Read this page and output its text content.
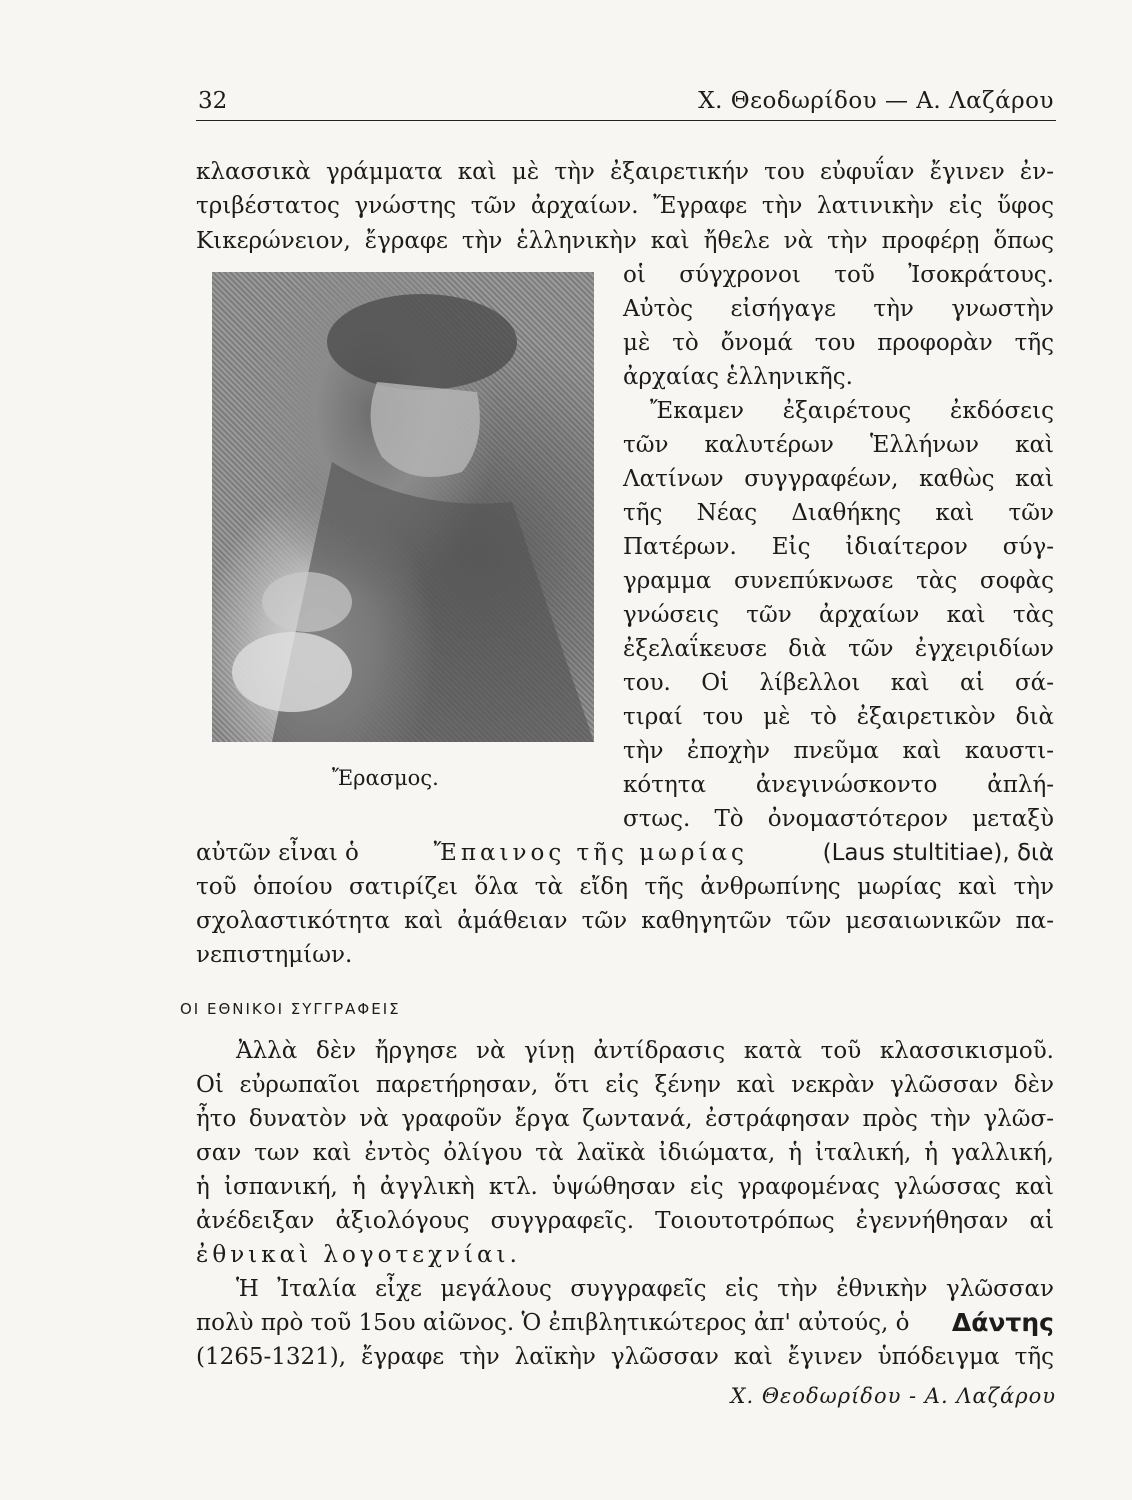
32	Χ. Θεοδωρίδου — Α. Λαζάρου
κλασσικὰ γράμματα καὶ μὲ τὴν ἐξαιρετικήν του εὐφυΐαν ἔγινεν ἐν-
τριβέστατος γνώστης τῶν ἀρχαίων. Ἔγραφε τὴν λατινικὴν εἰς ὕφος
Κικερώνειον, ἔγραφε τὴν ἑλληνικὴν καὶ ἤθελε νὰ τὴν προφέρῃ ὅπως
Ἔρασμος.
οἱ σύγχρονοι τοῦ Ἰσοκράτους.
Αὐτὸς εἰσήγαγε τὴν γνωστὴν
μὲ τὸ ὄνομά του προφορὰν τῆς
ἀρχαίας ἑλληνικῆς.
Ἔκαμεν ἐξαιρέτους ἐκδόσεις
τῶν καλυτέρων Ἑλλήνων καὶ
Λατίνων συγγραφέων, καθὼς καὶ
τῆς Νέας Διαθήκης καὶ τῶν
Πατέρων. Εἰς ἰδιαίτερον σύγ-
γραμμα συνεπύκνωσε τὰς σοφὰς
γνώσεις τῶν ἀρχαίων καὶ τὰς
ἐξελαΐκευσε διὰ τῶν ἐγχειριδίων
του. Οἱ λίβελλοι καὶ αἱ σά-
τιραί του μὲ τὸ ἐξαιρετικὸν διὰ
τὴν ἐποχὴν πνεῦμα καὶ καυστι-
κότητα ἀνεγινώσκοντο ἀπλή-
στως. Τὸ ὀνομαστότερον μεταξὺ
αὐτῶν εἶναι ὁ	Ἔπαινος τῆς μωρίας	(Laus stultitiae), διὰ
τοῦ ὁποίου σατιρίζει ὅλα τὰ εἴδη τῆς ἀνθρωπίνης μωρίας καὶ τὴν
σχολαστικότητα καὶ ἀμάθειαν τῶν καθηγητῶν τῶν μεσαιωνικῶν πα-
νεπιστημίων.
ΟΙ ΕΘΝΙΚΟΙ ΣΥΓΓΡΑΦΕΙΣ
Ἀλλὰ δὲν ἤργησε νὰ γίνῃ ἀντίδρασις κατὰ τοῦ κλασσικισμοῦ.
Οἱ εὐρωπαῖοι παρετήρησαν, ὅτι εἰς ξένην καὶ νεκρὰν γλῶσσαν δὲν
ἦτο δυνατὸν νὰ γραφοῦν ἔργα ζωντανά, ἐστράφησαν πρὸς τὴν γλῶσ-
σαν των καὶ ἐντὸς ὀλίγου τὰ λαϊκὰ ἰδιώματα, ἡ ἰταλική, ἡ γαλλική,
ἡ ἰσπανική, ἡ ἀγγλικὴ κτλ. ὑψώθησαν εἰς γραφομένας γλώσσας καὶ
ἀνέδειξαν ἀξιολόγους συγγραφεῖς. Τοιουτοτρόπως ἐγεννήθησαν αἱ
ἐθνικαὶ λογοτεχνίαι.
Ἡ Ἰταλία εἶχε μεγάλους συγγραφεῖς εἰς τὴν ἐθνικὴν γλῶσσαν
πολὺ πρὸ τοῦ 15ου αἰῶνος. Ὁ ἐπιβλητικώτερος ἀπ' αὐτούς, ὁ Δάντης
(1265-1321), ἔγραφε τὴν λαϊκὴν γλῶσσαν καὶ ἔγινεν ὑπόδειγμα τῆς
Χ. Θεοδωρίδου - Α. Λαζάρου
